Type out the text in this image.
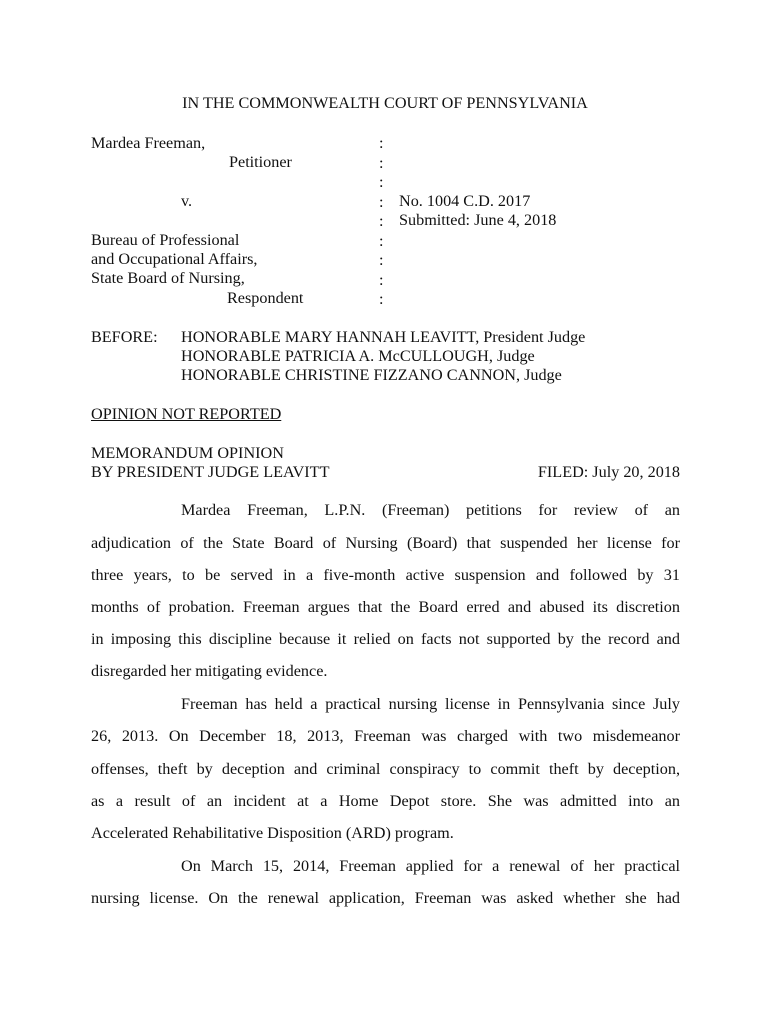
IN THE COMMONWEALTH COURT OF PENNSYLVANIA
Mardea Freeman,
Petitioner
v.
Bureau of Professional
and Occupational Affairs,
State Board of Nursing,
Respondent
:
:
:
:
:
:
:
:
:
No. 1004 C.D. 2017
Submitted: June 4, 2018
BEFORE: HONORABLE MARY HANNAH LEAVITT, President Judge
HONORABLE PATRICIA A. McCULLOUGH, Judge
HONORABLE CHRISTINE FIZZANO CANNON, Judge
OPINION NOT REPORTED
MEMORANDUM OPINION
BY PRESIDENT JUDGE LEAVITT	FILED: July 20, 2018
Mardea Freeman, L.P.N. (Freeman) petitions for review of an
adjudication of the State Board of Nursing (Board) that suspended her license for
three years, to be served in a five-month active suspension and followed by 31
months of probation. Freeman argues that the Board erred and abused its discretion
in imposing this discipline because it relied on facts not supported by the record and
disregarded her mitigating evidence.
Freeman has held a practical nursing license in Pennsylvania since July
26, 2013. On December 18, 2013, Freeman was charged with two misdemeanor
offenses, theft by deception and criminal conspiracy to commit theft by deception,
as a result of an incident at a Home Depot store. She was admitted into an
Accelerated Rehabilitative Disposition (ARD) program.
On March 15, 2014, Freeman applied for a renewal of her practical
nursing license. On the renewal application, Freeman was asked whether she had
